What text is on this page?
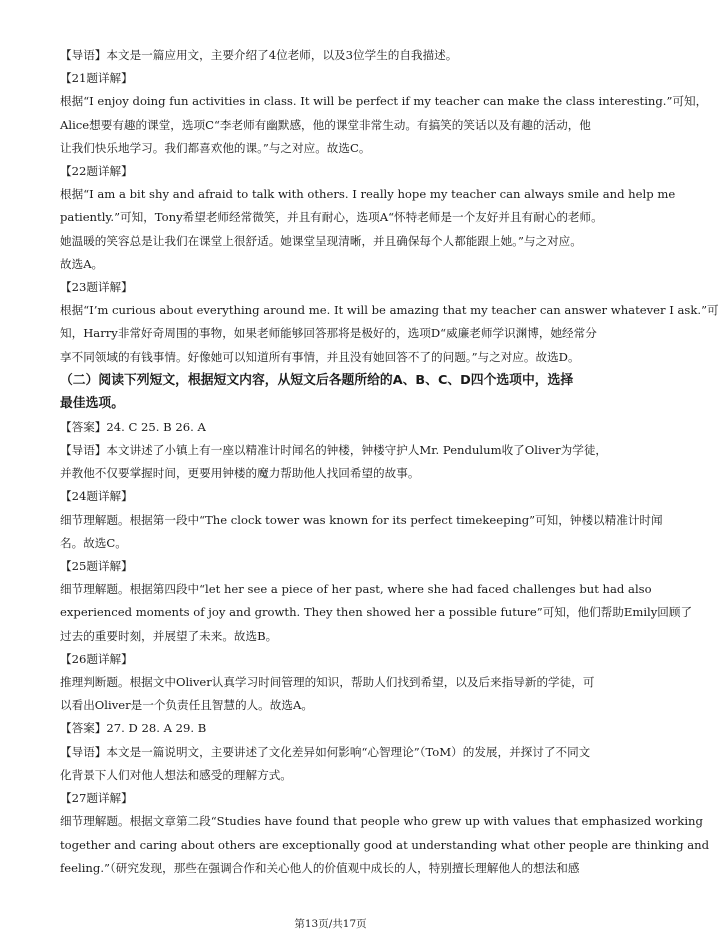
【导语】本文是一篇应用文，主要介绍了4位老师，以及3位学生的自我描述。
【21题详解】
根据“I enjoy doing fun activities in class. It will be perfect if my teacher can make the class interesting.”可知，
Alice想要有趣的课堂，选项C“李老师有幽默感，他的课堂非常生动。有搞笑的笑话以及有趣的活动，他
让我们快乐地学习。我们都喜欢他的课。”与之对应。故选C。
【22题详解】
根据“I am a bit shy and afraid to talk with others. I really hope my teacher can always smile and help me
patiently.”可知，Tony希望老师经常微笑，并且有耐心，选项A“怀特老师是一个友好并且有耐心的老师。
她温暖的笑容总是让我们在课堂上很舒适。她课堂呈现清晰，并且确保每个人都能跟上她。”与之对应。
故选A。
【23题详解】
根据“I’m curious about everything around me. It will be amazing that my teacher can answer whatever I ask.”可
知，Harry非常好奇周围的事物，如果老师能够回答那将是极好的，选项D“威廉老师学识渊博，她经常分
享不同领域的有钱事情。好像她可以知道所有事情，并且没有她回答不了的问题。”与之对应。故选D。
（二）阅读下列短文，根据短文内容，从短文后各题所给的A、B、C、D四个选项中，选择
最佳选项。
【答案】24. C 25. B 26. A
【导语】本文讲述了小镇上有一座以精准计时闻名的钟楼，钟楼守护人Mr. Pendulum收了Oliver为学徒，
并教他不仅要掌握时间，更要用钟楼的魔力帮助他人找回希望的故事。
【24题详解】
细节理解题。根据第一段中“The clock tower was known for its perfect timekeeping”可知，钟楼以精准计时闻
名。故选C。
【25题详解】
细节理解题。根据第四段中“let her see a piece of her past, where she had faced challenges but had also
experienced moments of joy and growth. They then showed her a possible future”可知，他们帮助Emily回顾了
过去的重要时刻，并展望了未来。故选B。
【26题详解】
推理判断题。根据文中Oliver认真学习时间管理的知识，帮助人们找到希望，以及后来指导新的学徒，可
以看出Oliver是一个负责任且智慧的人。故选A。
【答案】27. D 28. A 29. B
【导语】本文是一篇说明文，主要讲述了文化差异如何影响“心智理论”（ToM）的发展，并探讨了不同文
化背景下人们对他人想法和感受的理解方式。
【27题详解】
细节理解题。根据文章第二段“Studies have found that people who grew up with values that emphasized working
together and caring about others are exceptionally good at understanding what other people are thinking and
feeling.”（研究发现，那些在强调合作和关心他人的价值观中成长的人，特别擅长理解他人的想法和感
第13页/共17页
